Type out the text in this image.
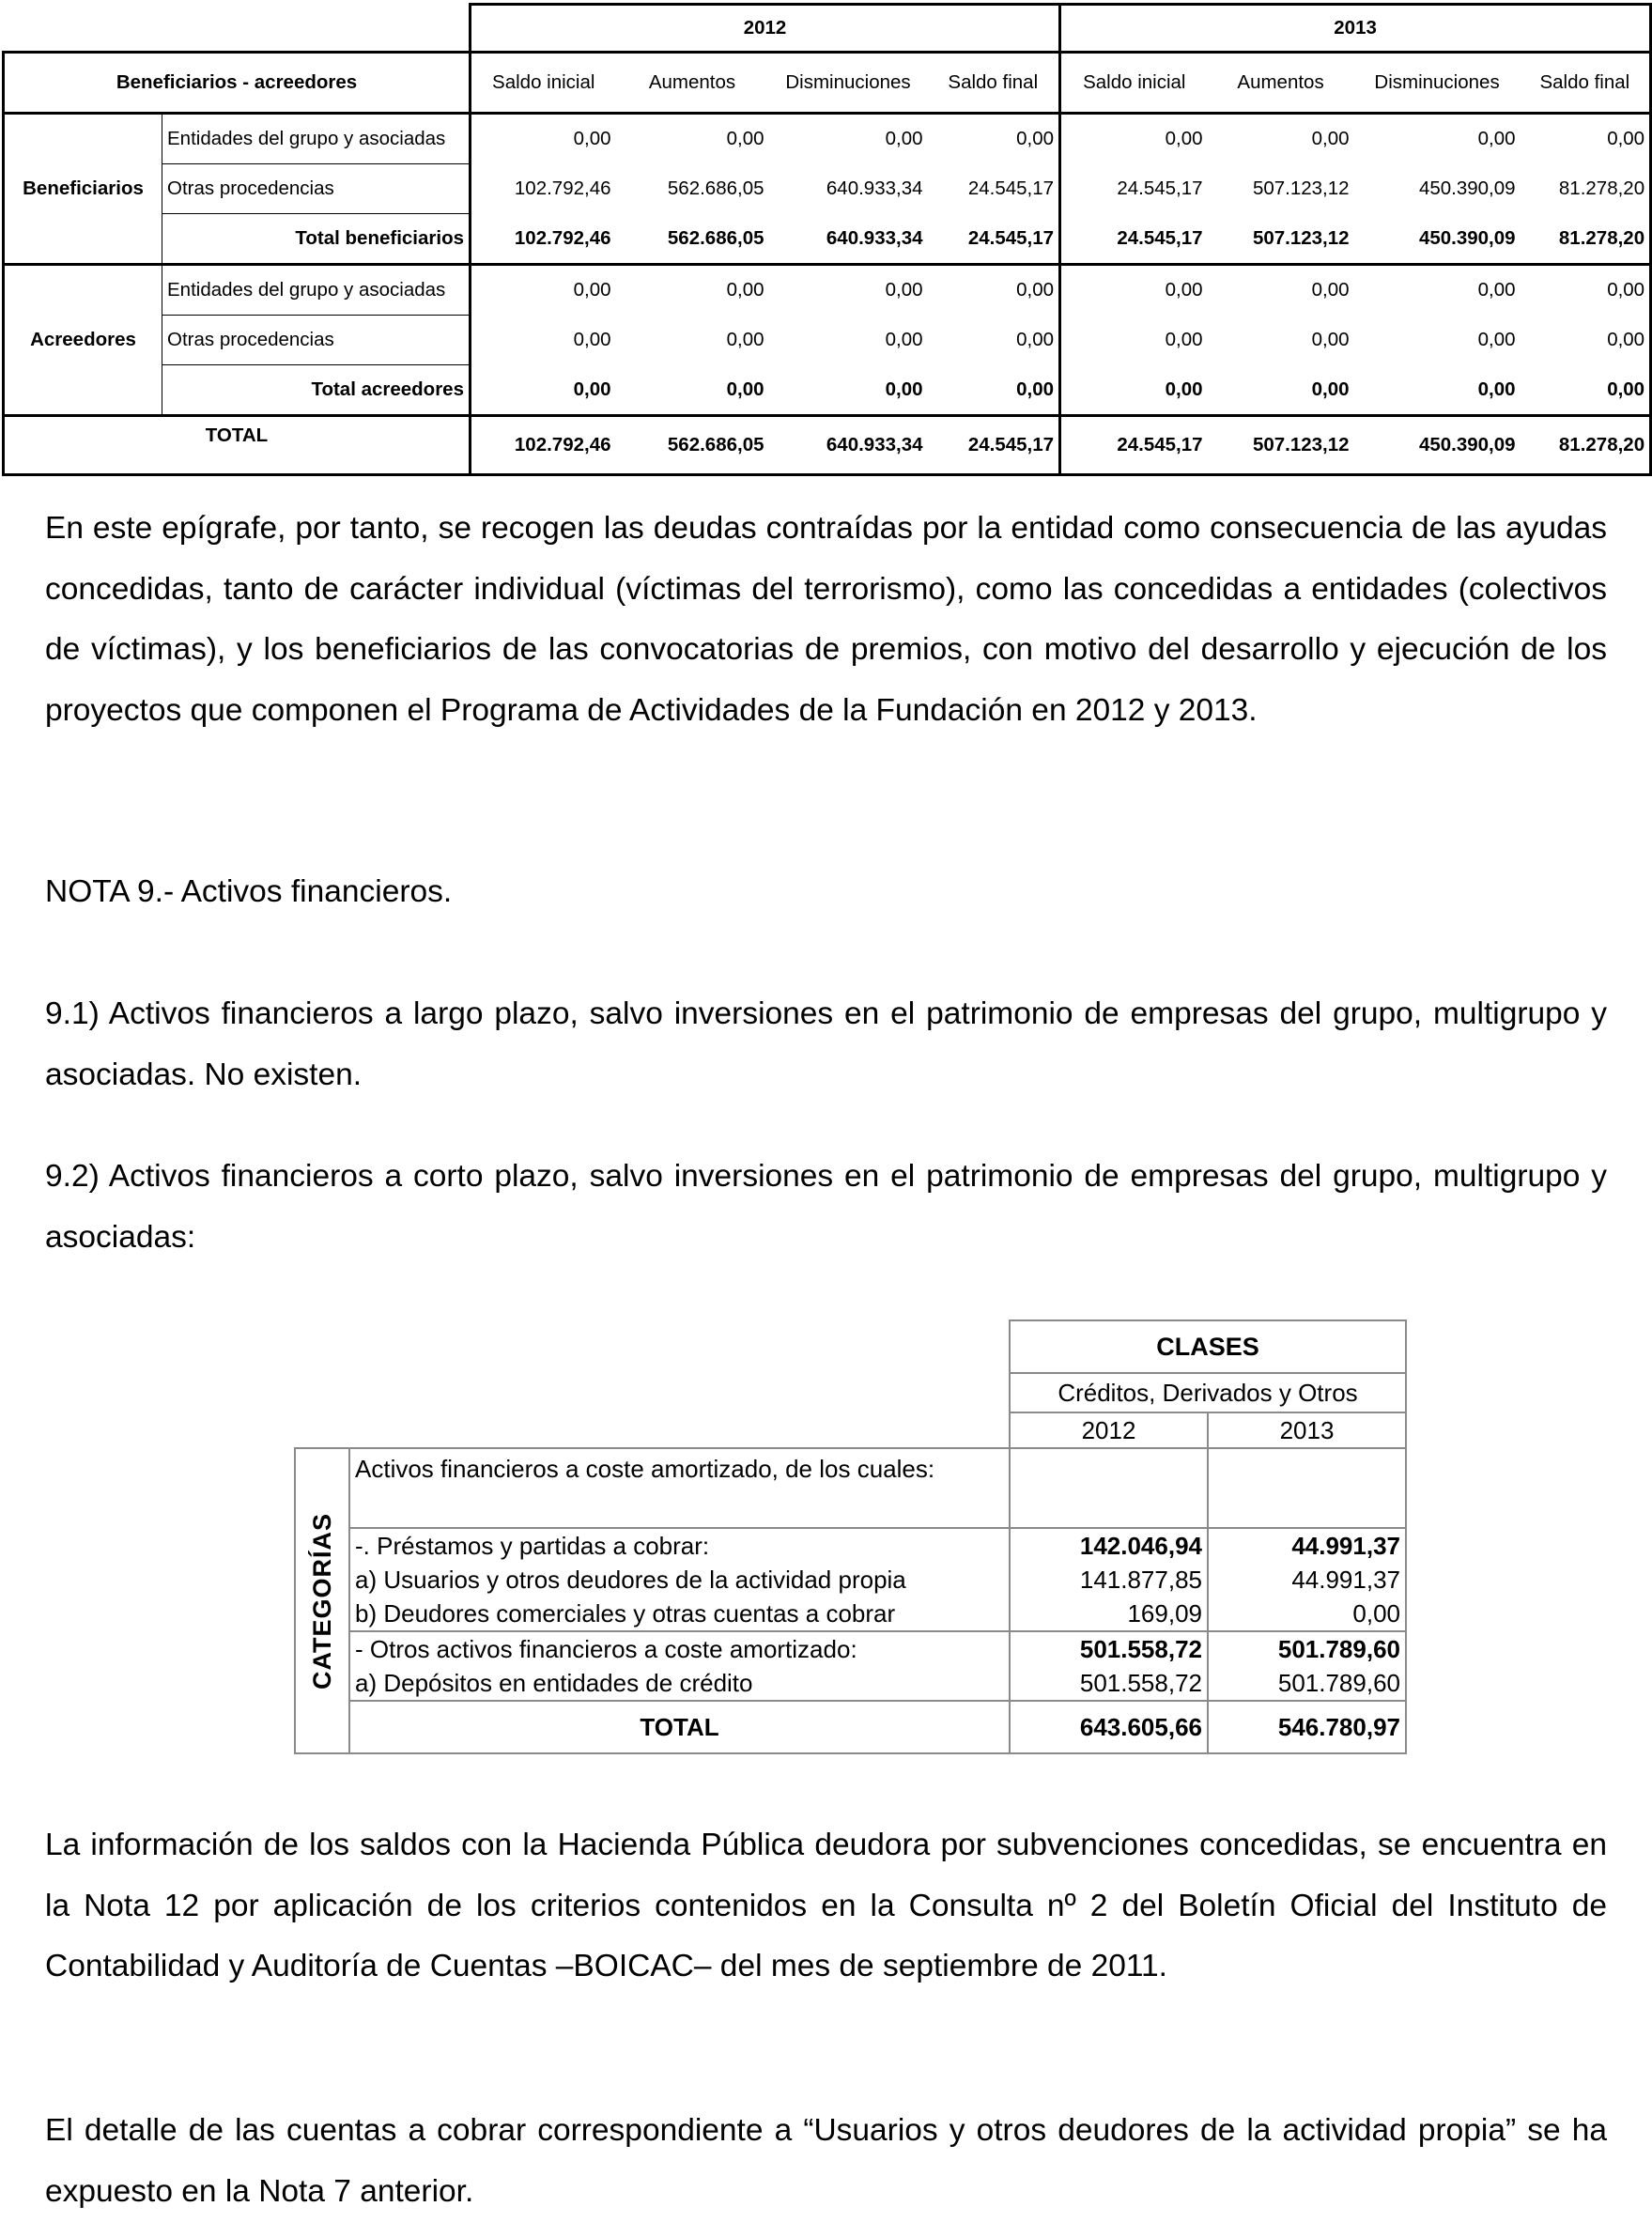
		2012				2013			
Beneficiarios - acreedores		Saldo inicial	Aumentos	Disminuciones	Saldo final	Saldo inicial	Aumentos	Disminuciones	Saldo final
Beneficiarios	Entidades del grupo y asociadas	0,00	0,00	0,00	0,00	0,00	0,00	0,00	0,00
	Otras procedencias	102.792,46	562.686,05	640.933,34	24.545,17	24.545,17	507.123,12	450.390,09	81.278,20
	Total beneficiarios	102.792,46	562.686,05	640.933,34	24.545,17	24.545,17	507.123,12	450.390,09	81.278,20
Acreedores	Entidades del grupo y asociadas	0,00	0,00	0,00	0,00	0,00	0,00	0,00	0,00
	Otras procedencias	0,00	0,00	0,00	0,00	0,00	0,00	0,00	0,00
	Total acreedores	0,00	0,00	0,00	0,00	0,00	0,00	0,00	0,00
TOTAL		102.792,46	562.686,05	640.933,34	24.545,17	24.545,17	507.123,12	450.390,09	81.278,20

En este epígrafe, por tanto, se recogen las deudas contraídas por la entidad como consecuencia de las ayudas concedidas, tanto de carácter individual (víctimas del terrorismo), como las concedidas a entidades (colectivos de víctimas), y los beneficiarios de las convocatorias de premios, con motivo del desarrollo y ejecución de los proyectos que componen el Programa de Actividades de la Fundación en 2012 y 2013.

NOTA 9.- Activos financieros.

9.1) Activos financieros a largo plazo, salvo inversiones en el patrimonio de empresas del grupo, multigrupo y asociadas. No existen.

9.2) Activos financieros a corto plazo, salvo inversiones en el patrimonio de empresas del grupo, multigrupo y asociadas:

		CLASES	
		Créditos, Derivados y Otros	
		2012	2013

CATEGORÍAS	Activos financieros a coste amortizado, de los cuales:		
	-. Préstamos y partidas a cobrar:	142.046,94	44.991,37
	a) Usuarios y otros deudores de la actividad propia	141.877,85	44.991,37
	b) Deudores comerciales y otras cuentas a cobrar	169,09	0,00
	- Otros activos financieros a coste amortizado:	501.558,72	501.789,60
	a) Depósitos en entidades de crédito	501.558,72	501.789,60
	TOTAL	643.605,66	546.780,97

La información de los saldos con la Hacienda Pública deudora por subvenciones concedidas, se encuentra en la Nota 12 por aplicación de los criterios contenidos en la Consulta nº 2 del Boletín Oficial del Instituto de Contabilidad y Auditoría de Cuentas –BOICAC– del mes de septiembre de 2011.

El detalle de las cuentas a cobrar correspondiente a “Usuarios y otros deudores de la actividad propia” se ha expuesto en la Nota 7 anterior.
